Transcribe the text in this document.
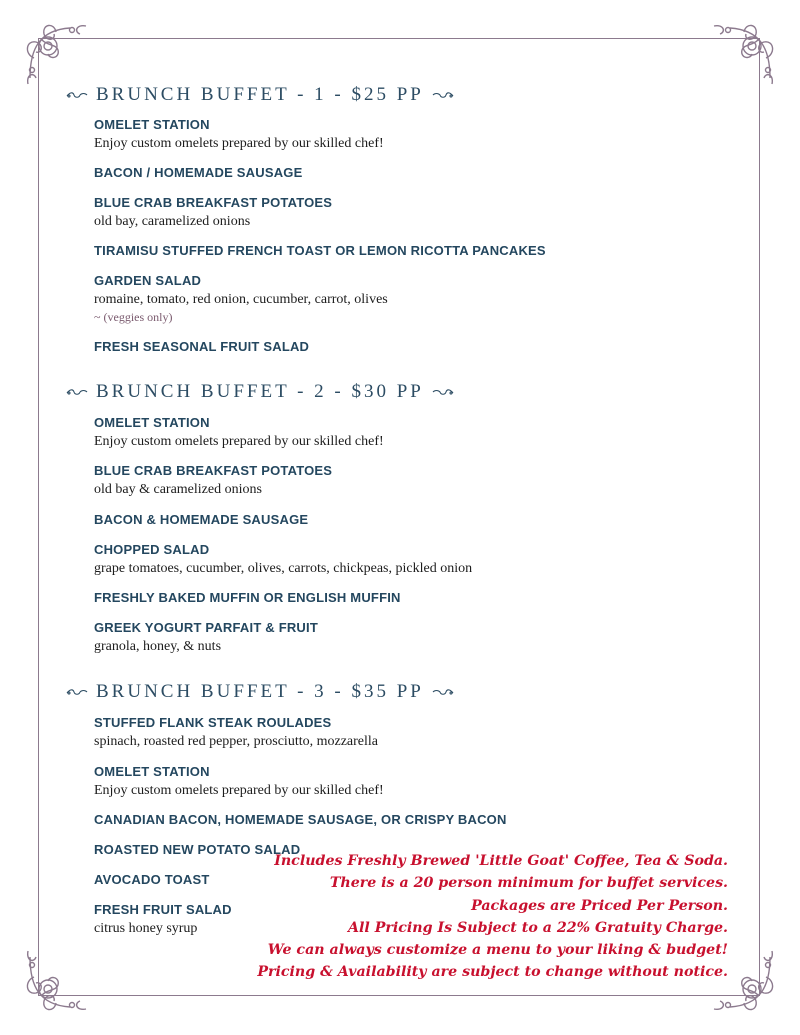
BRUNCH BUFFET - 1 - $25 PP
OMELET STATION
Enjoy custom omelets prepared by our skilled chef!
BACON / HOMEMADE SAUSAGE
BLUE CRAB BREAKFAST POTATOES
old bay, caramelized onions
TIRAMISU STUFFED FRENCH TOAST OR LEMON RICOTTA PANCAKES
GARDEN SALAD
romaine, tomato, red onion, cucumber, carrot, olives
~ (veggies only)
FRESH SEASONAL FRUIT SALAD
BRUNCH BUFFET - 2 - $30 PP
OMELET STATION
Enjoy custom omelets prepared by our skilled chef!
BLUE CRAB BREAKFAST POTATOES
old bay & caramelized onions
BACON & HOMEMADE SAUSAGE
CHOPPED SALAD
grape tomatoes, cucumber, olives, carrots, chickpeas, pickled onion
FRESHLY BAKED MUFFIN OR ENGLISH MUFFIN
GREEK YOGURT PARFAIT & FRUIT
granola, honey, & nuts
BRUNCH BUFFET - 3 - $35 PP
STUFFED FLANK STEAK ROULADES
spinach, roasted red pepper, prosciutto, mozzarella
OMELET STATION
Enjoy custom omelets prepared by our skilled chef!
CANADIAN BACON, HOMEMADE SAUSAGE, OR CRISPY BACON
ROASTED NEW POTATO SALAD
AVOCADO TOAST
FRESH FRUIT SALAD
citrus honey syrup
Includes Freshly Brewed 'Little Goat' Coffee, Tea & Soda.
There is a 20 person minimum for buffet services.
Packages are Priced Per Person.
All Pricing Is Subject to a 22% Gratuity Charge.
We can always customize a menu to your liking & budget!
Pricing & Availability are subject to change without notice.
